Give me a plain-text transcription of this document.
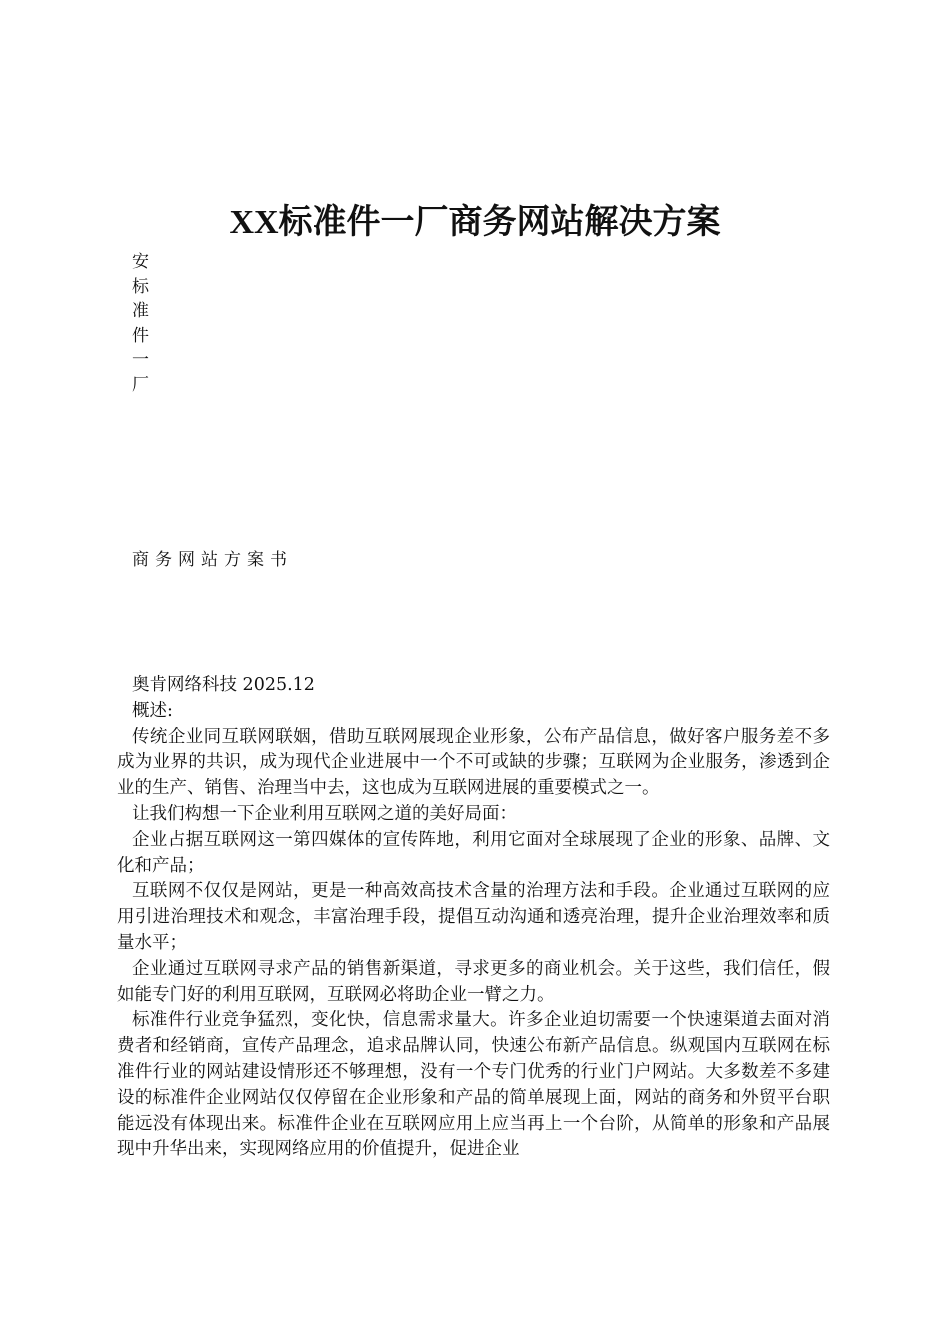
XX标准件一厂商务网站解决方案
安
标
准
件
一
厂

商务网站方案书

奥肯网络科技 2025.12

概述:

传统企业同互联网联姻，借助互联网展现企业形象，公布产品信息，做好客户服务差不多成为业界的共识，成为现代企业进展中一个不可或缺的步骤；互联网为企业服务，渗透到企业的生产、销售、治理当中去，这也成为互联网进展的重要模式之一。

让我们构想一下企业利用互联网之道的美好局面：

企业占据互联网这一第四媒体的宣传阵地，利用它面对全球展现了企业的形象、品牌、文化和产品；

互联网不仅仅是网站，更是一种高效高技术含量的治理方法和手段。企业通过互联网的应用引进治理技术和观念，丰富治理手段，提倡互动沟通和透亮治理，提升企业治理效率和质量水平；

企业通过互联网寻求产品的销售新渠道，寻求更多的商业机会。关于这些，我们信任，假如能专门好的利用互联网，互联网必将助企业一臂之力。

标准件行业竞争猛烈，变化快，信息需求量大。许多企业迫切需要一个快速渠道去面对消费者和经销商，宣传产品理念，追求品牌认同，快速公布新产品信息。纵观国内互联网在标准件行业的网站建设情形还不够理想，没有一个专门优秀的行业门户网站。大多数差不多建设的标准件企业网站仅仅停留在企业形象和产品的简单展现上面，网站的商务和外贸平台职能远没有体现出来。标准件企业在互联网应用上应当再上一个台阶，从简单的形象和产品展现中升华出来，实现网络应用的价值提升，促进企业
